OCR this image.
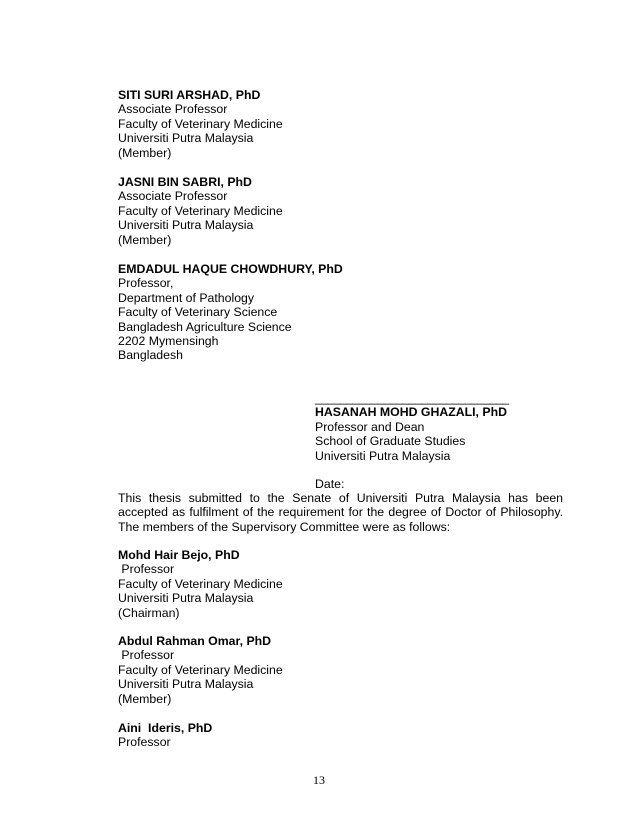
SITI SURI ARSHAD, PhD
Associate Professor
Faculty of Veterinary Medicine
Universiti Putra Malaysia
(Member)
JASNI BIN SABRI, PhD
Associate Professor
Faculty of Veterinary Medicine
Universiti Putra Malaysia
(Member)
EMDADUL HAQUE CHOWDHURY, PhD
Professor,
Department of Pathology
Faculty of Veterinary Science
Bangladesh Agriculture Science
2202 Mymensingh
Bangladesh
_______________________________
HASANAH MOHD GHAZALI, PhD
Professor and Dean
School of Graduate Studies
Universiti Putra Malaysia
Date:
This thesis submitted to the Senate of Universiti Putra Malaysia has been accepted as fulfilment of the requirement for the degree of Doctor of Philosophy. The members of the Supervisory Committee were as follows:
Mohd Hair Bejo, PhD
Professor
Faculty of Veterinary Medicine
Universiti Putra Malaysia
(Chairman)
Abdul Rahman Omar, PhD
Professor
Faculty of Veterinary Medicine
Universiti Putra Malaysia
(Member)
Aini  Ideris, PhD
Professor
13
